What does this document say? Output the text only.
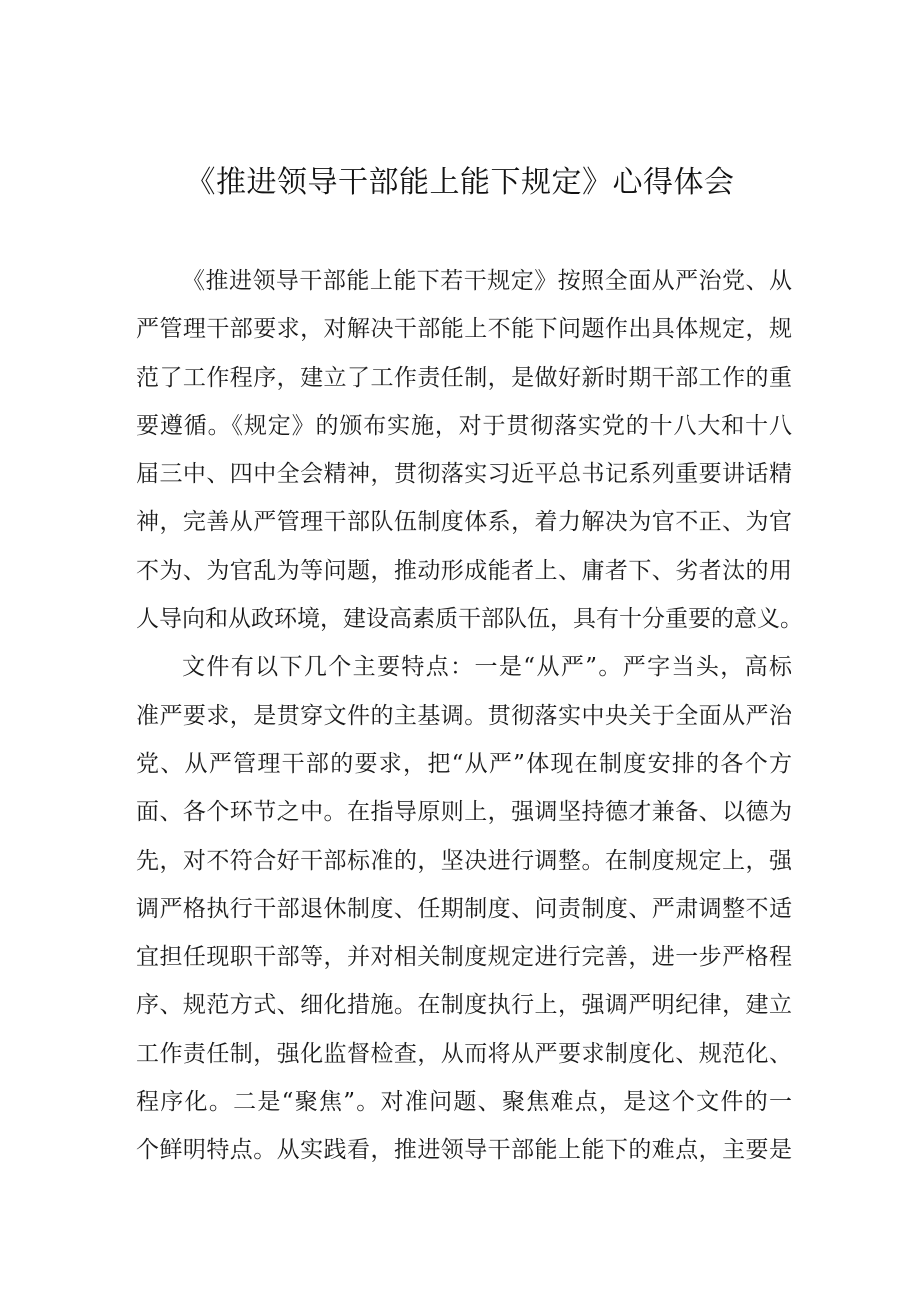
《推进领导干部能上能下规定》心得体会
《推进领导干部能上能下若干规定》按照全面从严治党、从
严管理干部要求，对解决干部能上不能下问题作出具体规定，规
范了工作程序，建立了工作责任制，是做好新时期干部工作的重
要遵循。《规定》的颁布实施，对于贯彻落实党的十八大和十八
届三中、四中全会精神，贯彻落实习近平总书记系列重要讲话精
神，完善从严管理干部队伍制度体系，着力解决为官不正、为官
不为、为官乱为等问题，推动形成能者上、庸者下、劣者汰的用
人导向和从政环境，建设高素质干部队伍，具有十分重要的意义。
文件有以下几个主要特点：一是“从严”。严字当头，高标
准严要求，是贯穿文件的主基调。贯彻落实中央关于全面从严治
党、从严管理干部的要求，把“从严”体现在制度安排的各个方
面、各个环节之中。在指导原则上，强调坚持德才兼备、以德为
先，对不符合好干部标准的，坚决进行调整。在制度规定上，强
调严格执行干部退休制度、任期制度、问责制度、严肃调整不适
宜担任现职干部等，并对相关制度规定进行完善，进一步严格程
序、规范方式、细化措施。在制度执行上，强调严明纪律，建立
工作责任制，强化监督检查，从而将从严要求制度化、规范化、
程序化。二是“聚焦”。对准问题、聚焦难点，是这个文件的一
个鲜明特点。从实践看，推进领导干部能上能下的难点，主要是
